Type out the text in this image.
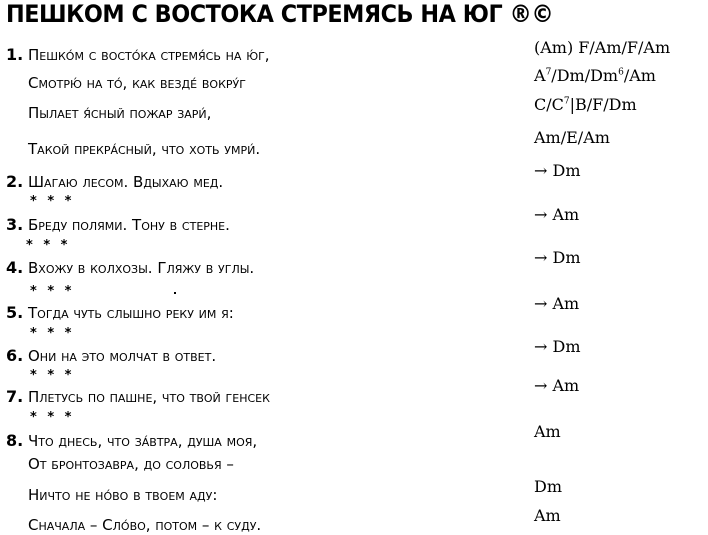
ПЕШКОМ С ВОСТОКА СТРЕМЯСЬ НА ЮГ ®©
1. Пешко́м с восто́ка стремя́сь на ю́г,
Смотрю́ на то́, как везде́ вокру́г
Пылает я́сный пожар зари́,
Такой прекра́сный, что хоть умри́.
2. Шагаю лесом. Вдыхаю мед.
* * *
3. Бреду полями. Тону в стерне.
* * *
4. Вхожу в колхозы. Гляжу в углы.
* * *
5. Тогда чуть слышно реку им я:
* * *
6. Они на это молчат в ответ.
* * *
7. Плетусь по пашне, что твой генсек
* * *
8. Что днесь, что за́втра, душа моя,
От бронтозавра, до соловья –
Ничто не но́во в твоем аду:
Сначала – Сло́во, потом – к суду.
(Am) F/Am/F/Am
$A^7/Dm/Dm^6/Am$
$C/C^7|B/F/Dm$
Am/E/Am
→ Dm
→ Am
→ Dm
→ Am
→ Dm
→ Am
Am
Dm
Am
